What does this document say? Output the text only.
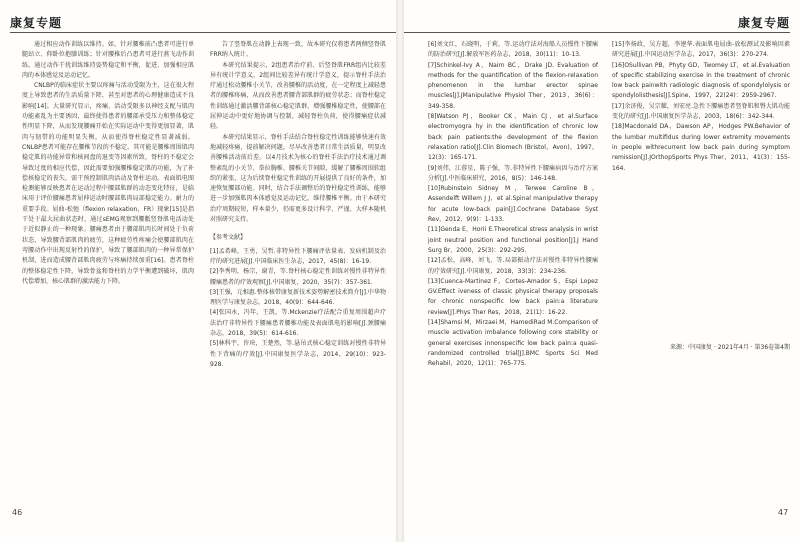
康复专题	康复专题

通过相应动作训练以维持。如，针对腰椎前凸患者可进行单腿站立、仰卧位抱膝训练；针对腰椎后凸患者可进行燕飞动作训练。通过动作干扰训练维持姿势稳定和平衡，促进、加强相应肌肉的本体感觉及运动记忆。

CNLBP的临床症状主要以疼痛与活动受限为主，这在很大程度上导致患者的生活质量下降，甚至对患者的心理健康造成不良影响[14]。大量研究显示，疼痛、活动受限多以神经支配与肌肉功能紊乱为主要诱因，最终使得患者的腰部承受压力和整体稳定性明显下降，从而发现腰痛开始在实际运动中变得更加显著，肌肉与韧带的功能明显失衡，从而使得脊柱稳定性显著减弱。CNLBP患者可能存在腰椎节段的不稳定，其可能是腰椎周围肌肉稳定肌的功能异常和核间盘的退变等因素所致，脊柱的不稳定会导致过度的相应代偿，因此需要加强腰椎稳定肌的功能，为了补偿核稳定的丧失，需干预控制肌肉活动及脊柱运动。表面肌电图检测能够反映患者在运动过程中腰部肌群的动态变化特征，是临床用于评价腰痛患者屈伸运动时腰部肌肉局部稳定能力。耐力的重要手段。屈曲-松弛（flexion relaxation，FR）现象[15]是指干处于最大屈曲状态时，通过sEMG观察到腰骶竖脊肌电活动处于近似静止的一种现象。腰痛患者由于腰部肌肉长时间处于负荷状态，导致腰背部肌肉的疲劳，这种疲劳性疼痛会使腰部肌肉在弯腰动作中出现反射性的保护，导致了腰部肌肉的一种异常保护机制，进而造成腰背部肌肉疲劳与疼痛持续加重[16]。患者脊柱的整体稳定性下降，导致骨盆和脊柱的力学平衡遭到破坏，肌肉代偿增加，核心肌群的激活能力下降。

告了竖脊肌在动静上表现一致，故本研究仅将患者两侧竖脊肌FRR纳入统计。

本研究结果提示，2组患者治疗前、后竖脊肌FRR组内比较差异有统计学意义，2组间比较差异有统计学意义，提示脊柱手法治疗通过松动腰椎小关节，改善腰椎的活动度，在一定程度上减轻患者的腰椎疼痛，从而改善患者腰背部肌群的疲劳状态；而脊柱稳定性训练通过激活腰背部核心稳定肌群，增强腰椎稳定性，使腰部在屈伸运动中更好地协调与控制，减轻脊柱负荷，使得腰痛症状减轻。

本研究结果显示，脊柱手法结合脊柱稳定性训练能够快速有效地减轻疼痛，提前解决问题，尽早改善患者日常生活质量，明显改善腰椎活动前后差。以4月技术为核心的脊柱手法治疗技术通过调整紊乱的小关节、拳拉胸椎、腰椎关节间隙，缓解了腰椎周围软组织的紧张，这为后续脊柱稳定性训练的开展提供了良好的条件，加速恢复腰部功能。同时，结合手法调整后的脊柱稳定性训练，能够进一步加强肌肉本体感觉及运动记忆，维持腰椎平衡。由于本研究治疗周期较短，样本量少，仍需更多设计科学、严谨、大样本随机对照研究支持。

【参考文献】

[1]孟希峰，王勇，吴哲.非特异性下腰痛评估量表、发病机制及治疗的研究进展[J].中国临床医生杂志，2017，45(8)：16-19.

[2]李秀明，杨宗，谢青，等.脊柱核心稳定性训练对慢性非特异性腰痛患者的疗效观察[J].中国康复，2020，35(7)：357-361.

[3]王强，元相惠.整体核带康复新技术姿势解密技术简介[J].中华物理医学与康复杂志，2018，40(9)：644-646.

[4]张国永，冯年，王凯，等.Mckenzie疗法配合重复周围超声疗法治疗非特异性下腰痛患者腰椎功能及表面肌电的影响[J].颈腰痛杂志，2018，39(5)：614-616.

[5]林科宇，许玦，王楚然，等.悬吊式核心稳定训练对慢性非特异性下背痛的疗效[J].中国康复医学杂志，2014，29(10)：923-928.

[6]刘文红，石晓明，于莉，等.运动疗法对海船人员慢性下腰痛的防治研究[J].解放军医药杂志，2018，30(11)：10-13.

[7]Schinkel-Ivy A，Nairn BC，Drake JD. Evaluation of methods for the quantification of the flexion-relaxation phenomenon in the lumbar erector spinae muscles[J].JManipulative Physiol Ther，2013，36(6)：349-358.

[8]Watson PJ，Booker CK，Main CJ，et al.Surface electromyogra hy in the identification of chronic low back pain patients:the development of the flexion relaxation ratio[J].Clin Biomech (Bristol，Avon)，1997，12(3)：165-171.

[9]刘伟，江蓉星，陈子强，等.非特异性下腰痛病因与治疗方案分析[J].中医临床研究，2016，8(5)：146-148.

[10]Rubinstein Sidney M，Terwee Caroline B，Assendelft Willem J J，et al.Spinal manipulative therapy for acute low-back pain[J].Cochrane Database Syst Rev，2012，9(9)：1-133.

[11]Genda E，Horii E.Theoretical stress analysis in wrist joint neutral position and functional position[J].J Hand Surg Br，2000，25(3)：292-295.

[12]孟松，高峰，刘飞，等.局部振动疗法对慢性非特异性腰痛的疗效研究[J].中国康复，2018，33(3)：234-236.

[13]Cuenca-Martinez F，Cortes-Amador S，Espi Lopez GV.Effect iveness of classic physical therapy proposals for chronic nonspecific low back pain:a literature review[J].Phys Ther Res，2018，21(1)：16-22.

[14]Shamsi M，Mirzaei M，HamediRad M.Comparison of muscle activation imbalance following core stability or general exercises innonspecific low back pain:a quasi-randomized controlled trial[J].BMC Sports Sci Med Rehabil，2020，12(1)：765-775.

[15]李扬政，吴方超，李建华.表面肌电屈曲-放松测试及影响因素研究进展[J].中国运动医学杂志，2017，36(3)：270-274.

[16]OSullivan PB，Phyty GD，Twomey LT，et al.Evaluation of specific stabilizing exercise in the treatment of chronic low back painwith radiologic diagnosis of spondylolysis or spondylolisthesis[J].Spine，1997，22(24)：2959-2967.

[17]余济俊，吴宗耀，刘宏亮.急性下腰痛患者竖脊肌和臀大肌功能变化的研究[J].中国康复医学杂志，2003，18(6)：342-344.

[18]Macdonald DA，Dawson AP，Hodges PW.Behavior of the lumbar multifidus during lower extremity movements in people withrecurrent low back pain during symptom remission[J].JOrthopSports Phys Ther，2011，41(3)：155-164.

来源：中国康复 · 2021年4月 · 第36卷第4期
46	47
